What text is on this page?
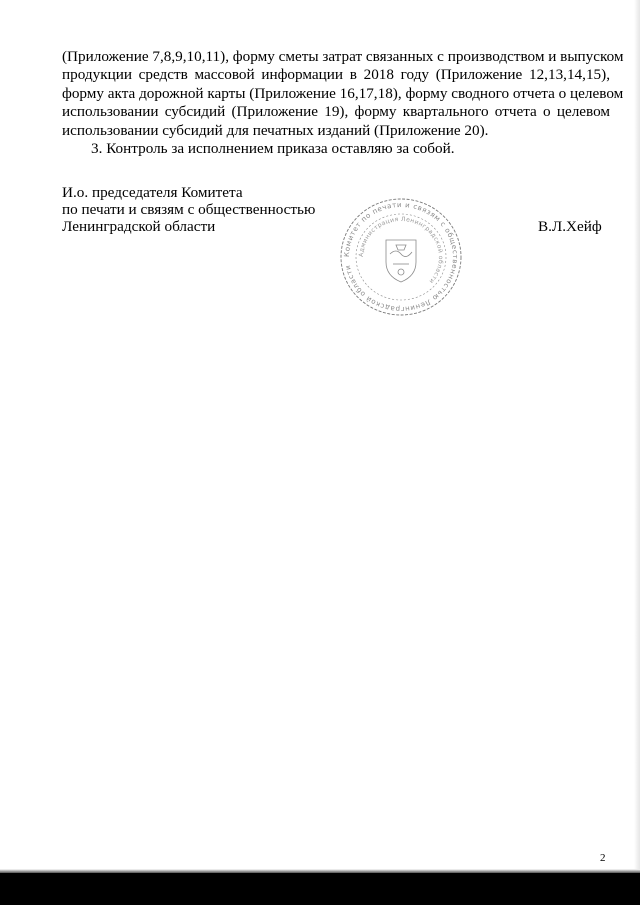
(Приложение 7,8,9,10,11), форму сметы затрат связанных с производством и выпуском
продукции средств массовой информации в 2018 году (Приложение 12,13,14,15),
форму акта дорожной карты (Приложение 16,17,18), форму сводного отчета о целевом
использовании субсидий (Приложение 19), форму квартального отчета о целевом
использовании субсидий для печатных изданий (Приложение 20).
3. Контроль за исполнением приказа оставляю за собой.
И.о. председателя Комитета
по печати и связям с общественностью
Ленинградской области
Комитет по печати и связям с общественностью Ленинградской области
Администрация Ленинградской области
В.Л.Хейф
2
